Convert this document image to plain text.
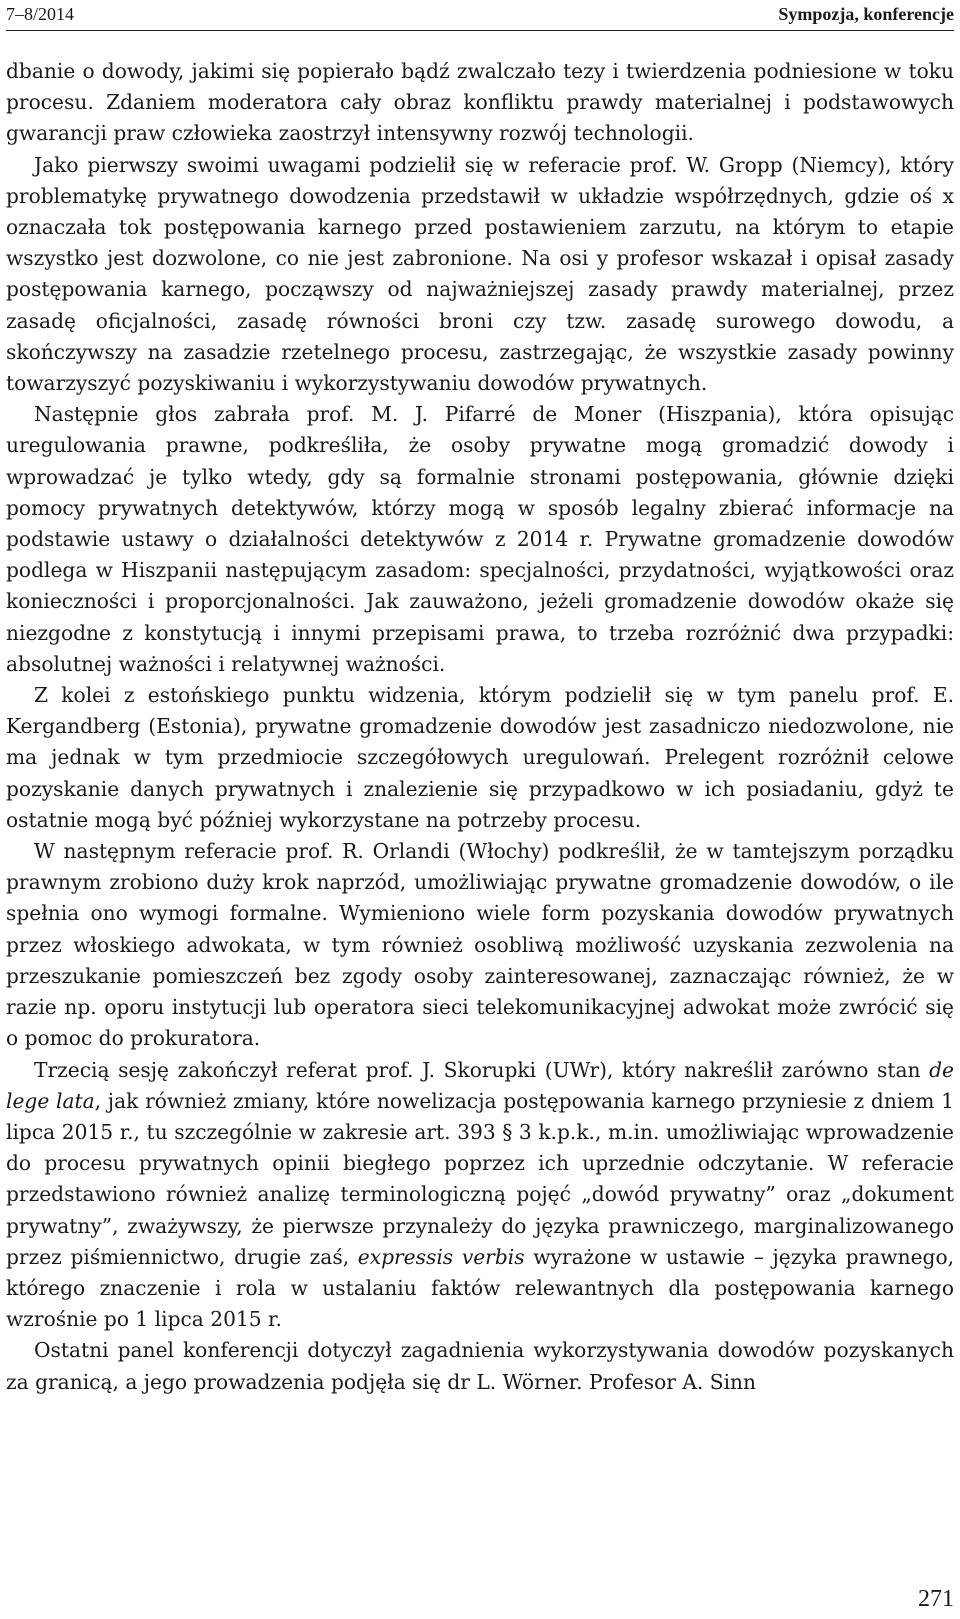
7–8/2014	Sympozja, konferencje

dbanie o dowody, jakimi się popierało bądź zwalczało tezy i twierdzenia podniesione w toku procesu. Zdaniem moderatora cały obraz konfliktu prawdy materialnej i podstawowych gwarancji praw człowieka zaostrzył intensywny rozwój technologii.

Jako pierwszy swoimi uwagami podzielił się w referacie prof. W. Gropp (Niemcy), który problematykę prywatnego dowodzenia przedstawił w układzie współrzędnych, gdzie oś x oznaczała tok postępowania karnego przed postawieniem zarzutu, na którym to etapie wszystko jest dozwolone, co nie jest zabronione. Na osi y profesor wskazał i opisał zasady postępowania karnego, począwszy od najważniejszej zasady prawdy materialnej, przez zasadę oficjalności, zasadę równości broni czy tzw. zasadę surowego dowodu, a skończywszy na zasadzie rzetelnego procesu, zastrzegając, że wszystkie zasady powinny towarzyszyć pozyskiwaniu i wykorzystywaniu dowodów prywatnych.

Następnie głos zabrała prof. M. J. Pifarré de Moner (Hiszpania), która opisując uregulowania prawne, podkreśliła, że osoby prywatne mogą gromadzić dowody i wprowadzać je tylko wtedy, gdy są formalnie stronami postępowania, głównie dzięki pomocy prywatnych detektywów, którzy mogą w sposób legalny zbierać informacje na podstawie ustawy o działalności detektywów z 2014 r. Prywatne gromadzenie dowodów podlega w Hiszpanii następującym zasadom: specjalności, przydatności, wyjątkowości oraz konieczności i proporcjonalności. Jak zauważono, jeżeli gromadzenie dowodów okaże się niezgodne z konstytucją i innymi przepisami prawa, to trzeba rozróżnić dwa przypadki: absolutnej ważności i relatywnej ważności.

Z kolei z estońskiego punktu widzenia, którym podzielił się w tym panelu prof. E. Kergandberg (Estonia), prywatne gromadzenie dowodów jest zasadniczo niedozwolone, nie ma jednak w tym przedmiocie szczegółowych uregulowań. Prelegent rozróżnił celowe pozyskanie danych prywatnych i znalezienie się przypadkowo w ich posiadaniu, gdyż te ostatnie mogą być później wykorzystane na potrzeby procesu.

W następnym referacie prof. R. Orlandi (Włochy) podkreślił, że w tamtejszym porządku prawnym zrobiono duży krok naprzód, umożliwiając prywatne gromadzenie dowodów, o ile spełnia ono wymogi formalne. Wymieniono wiele form pozyskania dowodów prywatnych przez włoskiego adwokata, w tym również osobliwą możliwość uzyskania zezwolenia na przeszukanie pomieszczeń bez zgody osoby zainteresowanej, zaznaczając również, że w razie np. oporu instytucji lub operatora sieci telekomunikacyjnej adwokat może zwrócić się o pomoc do prokuratora.

Trzecią sesję zakończył referat prof. J. Skorupki (UWr), który nakreślił zarówno stan de lege lata, jak również zmiany, które nowelizacja postępowania karnego przyniesie z dniem 1 lipca 2015 r., tu szczególnie w zakresie art. 393 § 3 k.p.k., m.in. umożliwiając wprowadzenie do procesu prywatnych opinii biegłego poprzez ich uprzednie odczytanie. W referacie przedstawiono również analizę terminologiczną pojęć „dowód prywatny” oraz „dokument prywatny”, zważywszy, że pierwsze przynależy do języka prawniczego, marginalizowanego przez piśmiennictwo, drugie zaś, expressis verbis wyrażone w ustawie – języka prawnego, którego znaczenie i rola w ustalaniu faktów relewantnych dla postępowania karnego wzrośnie po 1 lipca 2015 r.

Ostatni panel konferencji dotyczył zagadnienia wykorzystywania dowodów pozyskanych za granicą, a jego prowadzenia podjęła się dr L. Wörner. Profesor A. Sinn

271
